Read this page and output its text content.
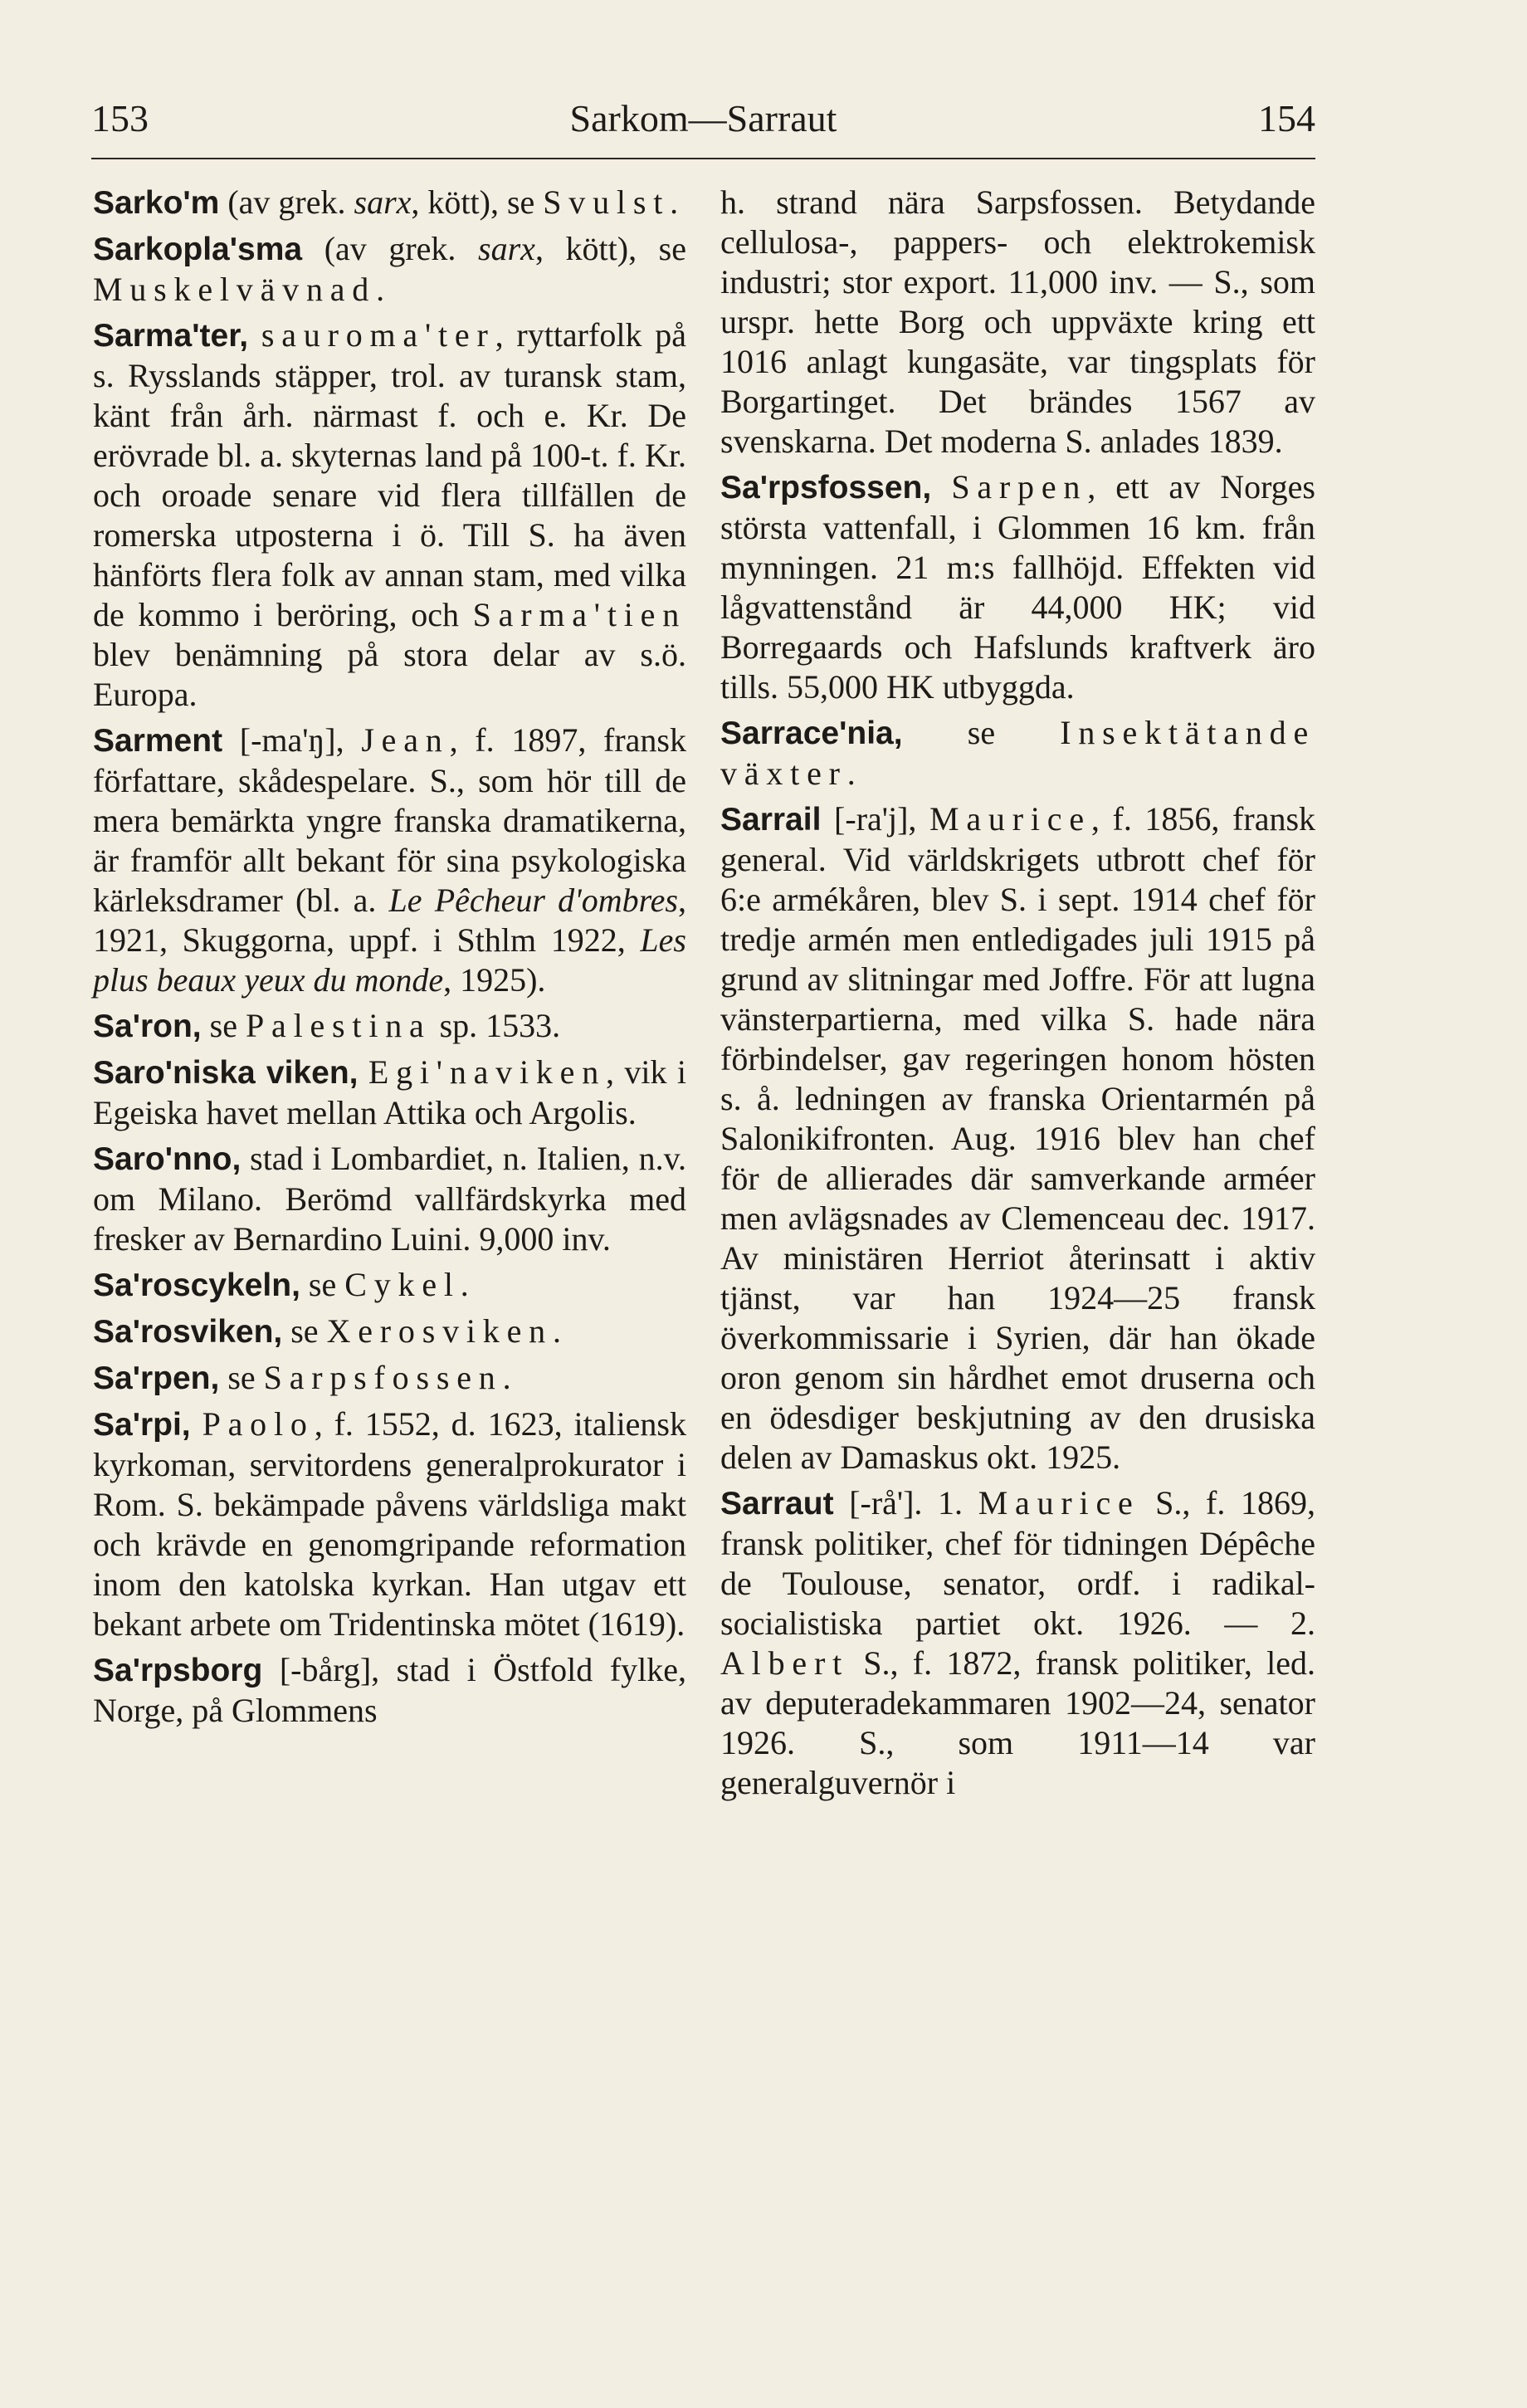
153	Sarkom—Sarraut	154

Sarko'm (av grek. sarx, kött), se Svulst.

Sarkopla'sma (av grek. sarx, kött), se Muskelvävnad.

Sarma'ter, sauroma'ter, ryttarfolk på s. Rysslands stäpper, trol. av turansk stam, känt från årh. närmast f. och e. Kr. De erövrade bl. a. skyternas land på 100-t. f. Kr. och oroade senare vid flera tillfällen de romerska utposterna i ö. Till S. ha även hänförts flera folk av annan stam, med vilka de kommo i beröring, och Sarma'tien blev benämning på stora delar av s.ö. Europa.

Sarment [-ma'ŋ], Jean, f. 1897, fransk författare, skådespelare. S., som hör till de mera bemärkta yngre franska dramatikerna, är framför allt bekant för sina psykologiska kärleksdramer (bl. a. Le Pêcheur d'ombres, 1921, Skuggorna, uppf. i Sthlm 1922, Les plus beaux yeux du monde, 1925).

Sa'ron, se Palestina sp. 1533.

Saro'niska viken, Egi'naviken, vik i Egeiska havet mellan Attika och Argolis.

Saro'nno, stad i Lombardiet, n. Italien, n.v. om Milano. Berömd vallfärdskyrka med fresker av Bernardino Luini. 9,000 inv.

Sa'roscykeln, se Cykel.

Sa'rosviken, se Xerosviken.

Sa'rpen, se Sarpsfossen.

Sa'rpi, Paolo, f. 1552, d. 1623, italiensk kyrkoman, servitordens generalprokurator i Rom. S. bekämpade påvens världsliga makt och krävde en genomgripande reformation inom den katolska kyrkan. Han utgav ett bekant arbete om Tridentinska mötet (1619).

Sa'rpsborg [-bårg], stad i Östfold fylke, Norge, på Glommens

h. strand nära Sarpsfossen. Betydande cellulosa-, pappers- och elektrokemisk industri; stor export. 11,000 inv. — S., som urspr. hette Borg och uppväxte kring ett 1016 anlagt kungasäte, var tingsplats för Borgartinget. Det brändes 1567 av svenskarna. Det moderna S. anlades 1839.

Sa'rpsfossen, Sarpen, ett av Norges största vattenfall, i Glommen 16 km. från mynningen. 21 m:s fallhöjd. Effekten vid lågvattenstånd är 44,000 HK; vid Borregaards och Hafslunds kraftverk äro tills. 55,000 HK utbyggda.

Sarrace'nia, se Insektätande växter.

Sarrail [-ra'j], Maurice, f. 1856, fransk general. Vid världskrigets utbrott chef för 6:e armékåren, blev S. i sept. 1914 chef för tredje armén men entledigades juli 1915 på grund av slitningar med Joffre. För att lugna vänsterpartierna, med vilka S. hade nära förbindelser, gav regeringen honom hösten s. å. ledningen av franska Orientarmén på Salonikifronten. Aug. 1916 blev han chef för de allierades där samverkande arméer men avlägsnades av Clemenceau dec. 1917. Av ministären Herriot återinsatt i aktiv tjänst, var han 1924—25 fransk överkommissarie i Syrien, där han ökade oron genom sin hårdhet emot druserna och en ödesdiger beskjutning av den drusiska delen av Damaskus okt. 1925.

Sarraut [-rå']. 1. Maurice S., f. 1869, fransk politiker, chef för tidningen Dépêche de Toulouse, senator, ordf. i radikal-socialistiska partiet okt. 1926. — 2. Albert S., f. 1872, fransk politiker, led. av deputeradekammaren 1902—24, senator 1926. S., som 1911—14 var generalguvernör i
